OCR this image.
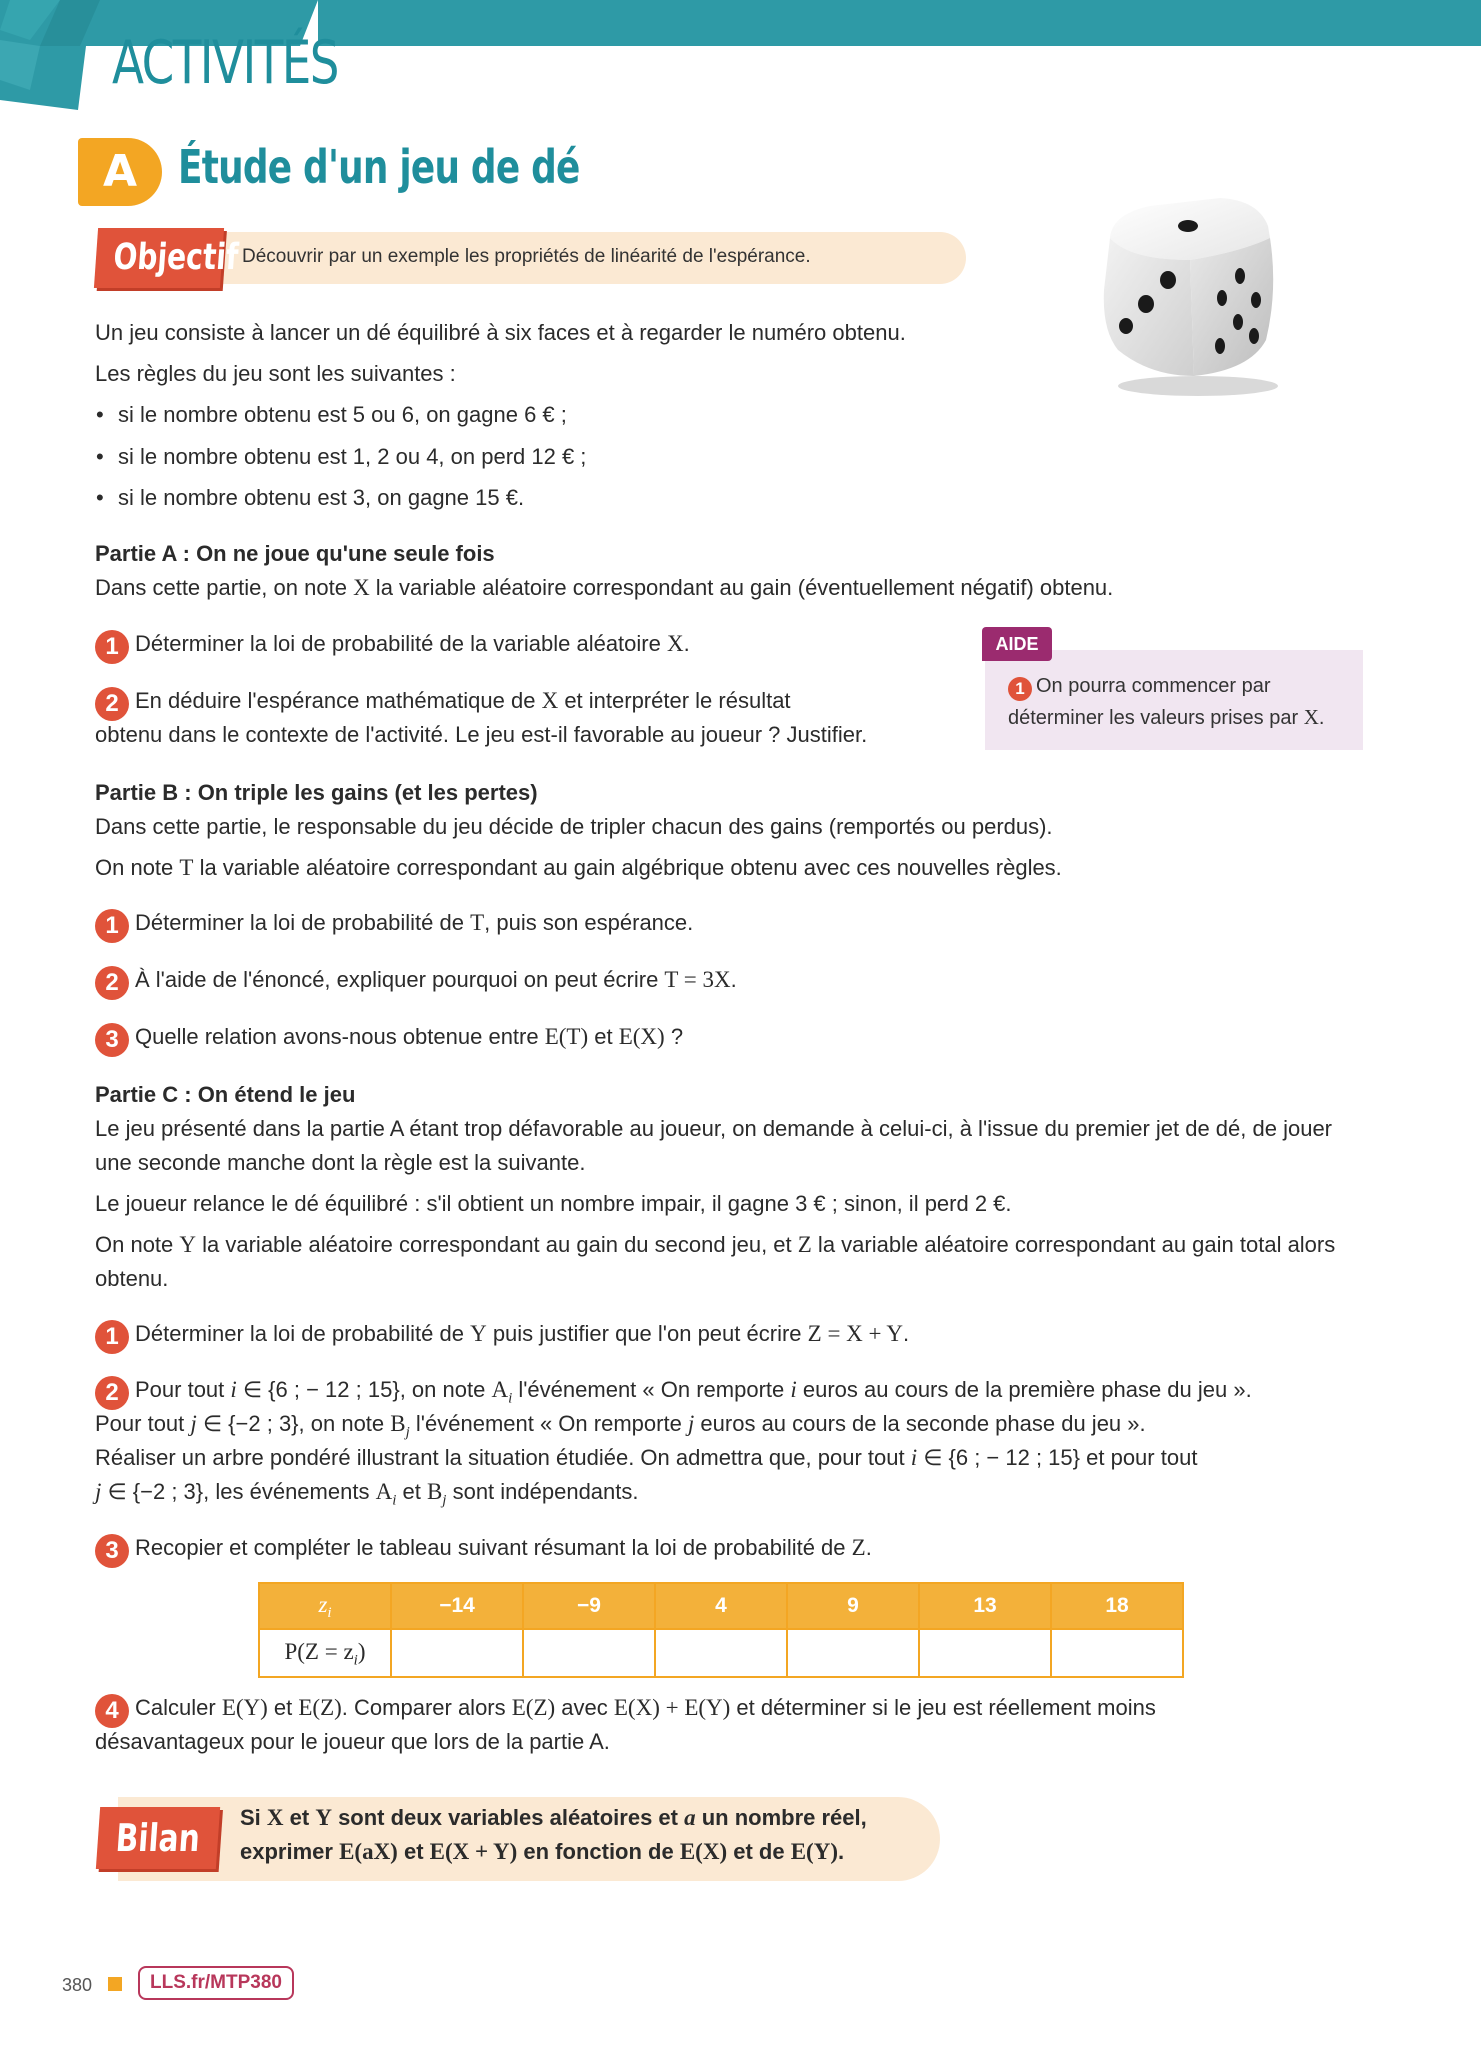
ACTIVITÉS
A Étude d'un jeu de dé
Objectif Découvrir par un exemple les propriétés de linéarité de l'espérance.

Un jeu consiste à lancer un dé équilibré à six faces et à regarder le numéro obtenu.

Les règles du jeu sont les suivantes :

• si le nombre obtenu est 5 ou 6, on gagne 6 € ;

• si le nombre obtenu est 1, 2 ou 4, on perd 12 € ;

• si le nombre obtenu est 3, on gagne 15 €.

Partie A : On ne joue qu'une seule fois

Dans cette partie, on note X la variable aléatoire correspondant au gain (éventuellement négatif) obtenu.

1 Déterminer la loi de probabilité de la variable aléatoire X.

2 En déduire l'espérance mathématique de X et interpréter le résultat

obtenu dans le contexte de l'activité. Le jeu est-il favorable au joueur ? Justifier.

AIDE
1 On pourra commencer par déterminer les valeurs prises par X.

Partie B : On triple les gains (et les pertes)

Dans cette partie, le responsable du jeu décide de tripler chacun des gains (remportés ou perdus).

On note T la variable aléatoire correspondant au gain algébrique obtenu avec ces nouvelles règles.

1 Déterminer la loi de probabilité de T, puis son espérance.

2 À l'aide de l'énoncé, expliquer pourquoi on peut écrire T = 3X.

3 Quelle relation avons-nous obtenue entre E(T) et E(X) ?

Partie C : On étend le jeu

Le jeu présenté dans la partie A étant trop défavorable au joueur, on demande à celui-ci, à l'issue du premier jet de dé, de jouer une seconde manche dont la règle est la suivante.

Le joueur relance le dé équilibré : s'il obtient un nombre impair, il gagne 3 € ; sinon, il perd 2 €.

On note Y la variable aléatoire correspondant au gain du second jeu, et Z la variable aléatoire correspondant au gain total alors obtenu.

1 Déterminer la loi de probabilité de Y puis justifier que l'on peut écrire Z = X + Y.

2 Pour tout i ∈ {6 ; − 12 ; 15}, on note $A_i$ l'événement « On remporte i euros au cours de la première phase du jeu ».

Pour tout j ∈ {−2 ; 3}, on note $B_j$ l'événement « On remporte j euros au cours de la seconde phase du jeu ».

Réaliser un arbre pondéré illustrant la situation étudiée. On admettra que, pour tout i ∈ {6 ; − 12 ; 15} et pour tout

j ∈ {−2 ; 3}, les événements $A_i$ et $B_j$ sont indépendants.

3 Recopier et compléter le tableau suivant résumant la loi de probabilité de Z.

$z_i$	−14	−9	4	9	13	18
$P(Z = z_i)$						

4 Calculer E(Y) et E(Z). Comparer alors E(Z) avec E(X) + E(Y) et déterminer si le jeu est réellement moins

désavantageux pour le joueur que lors de la partie A.

Bilan	Si X et Y sont deux variables aléatoires et a un nombre réel,
exprimer E(aX) et E(X + Y) en fonction de E(X) et de E(Y).
380	LLS.fr/MTP380
